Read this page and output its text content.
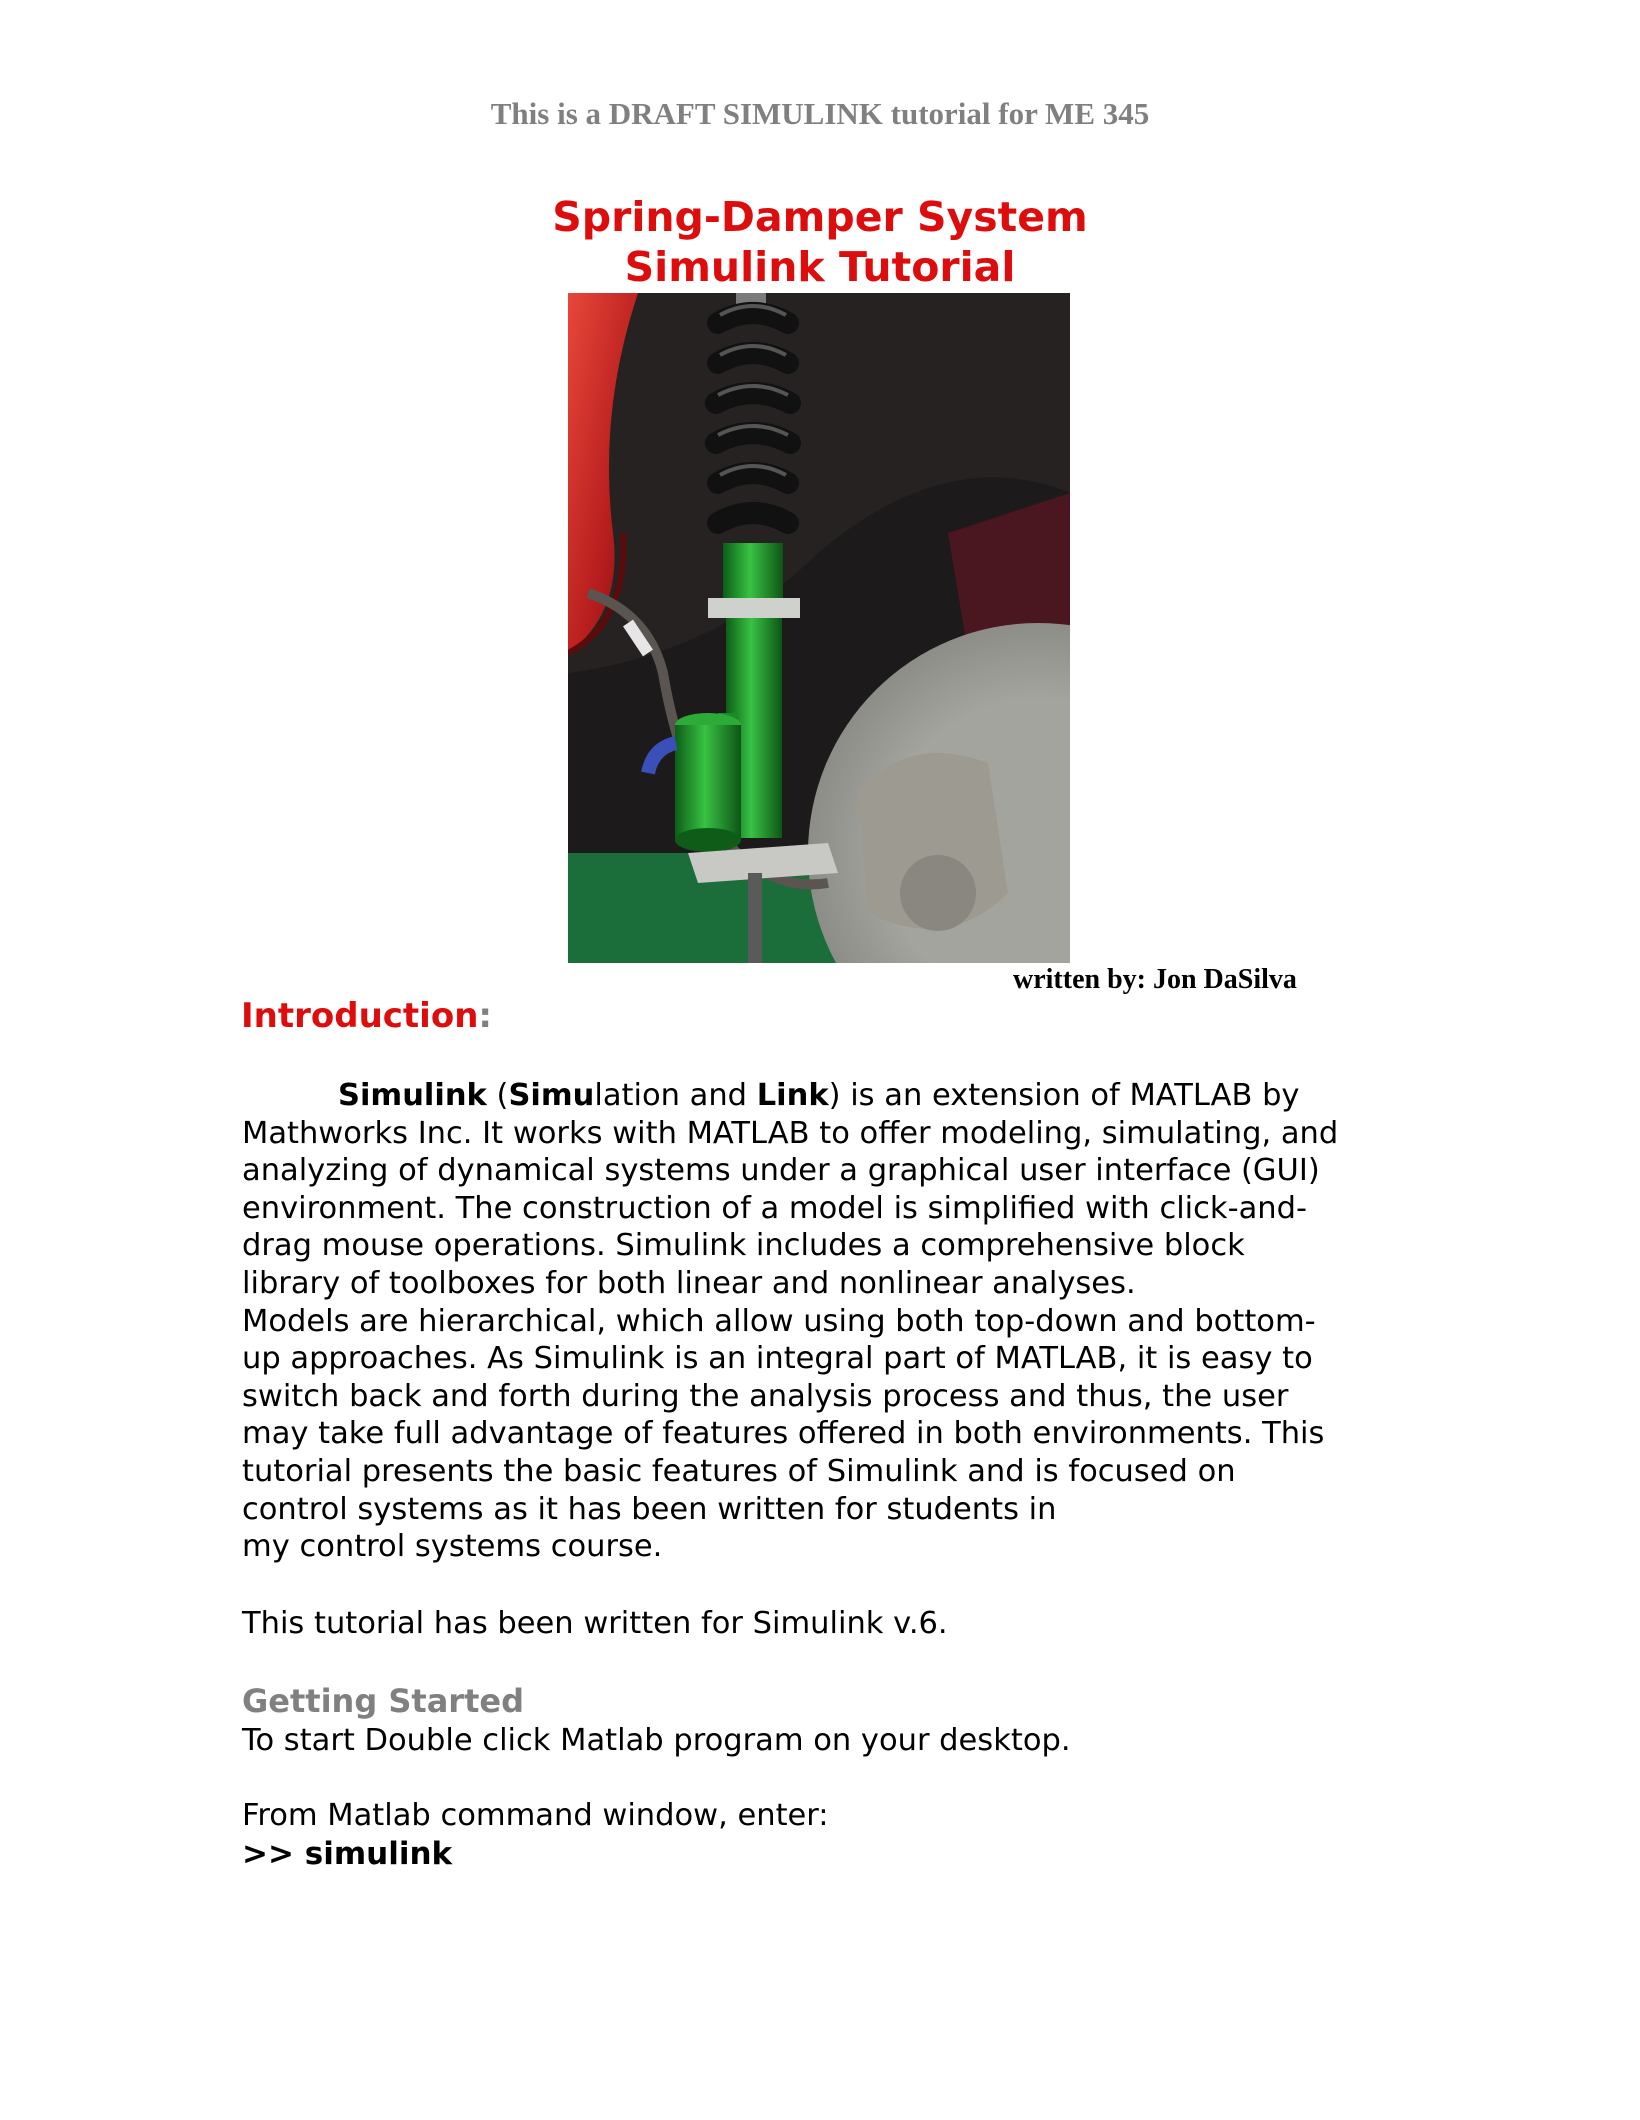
This is a DRAFT SIMULINK tutorial for ME 345
Spring-Damper System
Simulink Tutorial
written by: Jon DaSilva
Introduction:

Simulink (Simulation and Link) is an extension of MATLAB by

Mathworks Inc. It works with MATLAB to offer modeling, simulating, and

analyzing of dynamical systems under a graphical user interface (GUI)

environment. The construction of a model is simplified with click-and-

drag mouse operations. Simulink includes a comprehensive block

library of toolboxes for both linear and nonlinear analyses.

Models are hierarchical, which allow using both top-down and bottom-

up approaches. As Simulink is an integral part of MATLAB, it is easy to

switch back and forth during the analysis process and thus, the user

may take full advantage of features offered in both environments. This

tutorial presents the basic features of Simulink and is focused on

control systems as it has been written for students in

my control systems course.

This tutorial has been written for Simulink v.6.
Getting Started
To start Double click Matlab program on your desktop.
From Matlab command window, enter:
>> simulink
